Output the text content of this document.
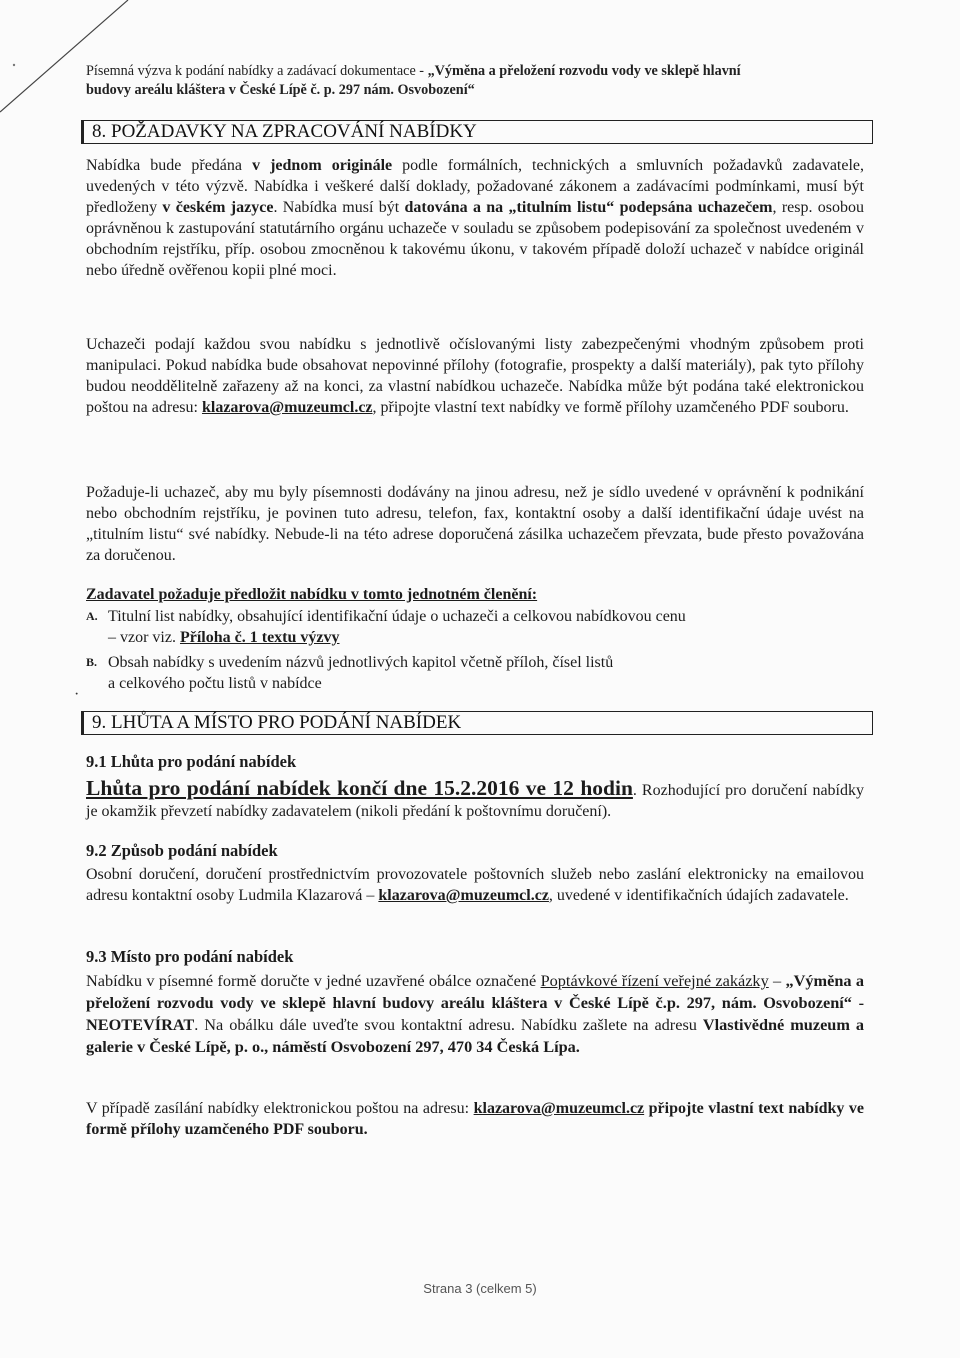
Písemná výzva k podání nabídky a zadávací dokumentace - „Výměna a přeložení rozvodu vody ve sklepě hlavní
budovy areálu kláštera v České Lípě č. p. 297 nám. Osvobození“
8. POŽADAVKY NA ZPRACOVÁNÍ NABÍDKY
Nabídka bude předána v jednom originále podle formálních, technických a smluvních požadavků zadavatele, uvedených v této výzvě. Nabídka i veškeré další doklady, požadované zákonem a zadávacími podmínkami, musí být předloženy v českém jazyce. Nabídka musí být datována a na „titulním listu“ podepsána uchazečem, resp. osobou oprávněnou k zastupování statutárního orgánu uchazeče v souladu se způsobem podepisování za společnost uvedeném v obchodním rejstříku, příp. osobou zmocněnou k takovému úkonu, v takovém případě doloží uchazeč v nabídce originál nebo úředně ověřenou kopii plné moci.
Uchazeči podají každou svou nabídku s jednotlivě očíslovanými listy zabezpečenými vhodným způsobem proti manipulaci. Pokud nabídka bude obsahovat nepovinné přílohy (fotografie, prospekty a další materiály), pak tyto přílohy budou neoddělitelně zařazeny až na konci, za vlastní nabídkou uchazeče. Nabídka může být podána také elektronickou poštou na adresu: klazarova@muzeumcl.cz, připojte vlastní text nabídky ve formě přílohy uzamčeného PDF souboru.
·
Požaduje-li uchazeč, aby mu byly písemnosti dodávány na jinou adresu, než je sídlo uvedené v oprávnění k podnikání nebo obchodním rejstříku, je povinen tuto adresu, telefon, fax, kontaktní osoby a další identifikační údaje uvést na „titulním listu“ své nabídky. Nebude-li na této adrese doporučená zásilka uchazečem převzata, bude přesto považována za doručenou.
Zadavatel požaduje předložit nabídku v tomto jednotném členění:
A. Titulní list nabídky, obsahující identifikační údaje o uchazeči a celkovou nabídkovou cenu
– vzor viz. Příloha č. 1 textu výzvy
B. Obsah nabídky s uvedením názvů jednotlivých kapitol včetně příloh, čísel listů
a celkového počtu listů v nabídce
9. LHŮTA A MÍSTO PRO PODÁNÍ NABÍDEK
9.1 Lhůta pro podání nabídek
Lhůta pro podání nabídek končí dne 15.2.2016 ve 12 hodin. Rozhodující pro doručení nabídky je okamžik převzetí nabídky zadavatelem (nikoli předání k poštovnímu doručení).
9.2 Způsob podání nabídek
Osobní doručení, doručení prostřednictvím provozovatele poštovních služeb nebo zaslání elektronicky na emailovou adresu kontaktní osoby Ludmila Klazarová – klazarova@muzeumcl.cz, uvedené v identifikačních údajích zadavatele.
9.3 Místo pro podání nabídek
Nabídku v písemné formě doručte v jedné uzavřené obálce označené Poptávkové řízení veřejné zakázky – „Výměna a přeložení rozvodu vody ve sklepě hlavní budovy areálu kláštera v České Lípě č.p. 297, nám. Osvobození“ - NEOTEVÍRAT. Na obálku dále uveďte svou kontaktní adresu. Nabídku zašlete na adresu Vlastivědné muzeum a galerie v České Lípě, p. o., náměstí Osvobození 297, 470 34 Česká Lípa.
V případě zasílání nabídky elektronickou poštou na adresu: klazarova@muzeumcl.cz připojte vlastní text nabídky ve formě přílohy uzamčeného PDF souboru.
Strana 3 (celkem 5)
